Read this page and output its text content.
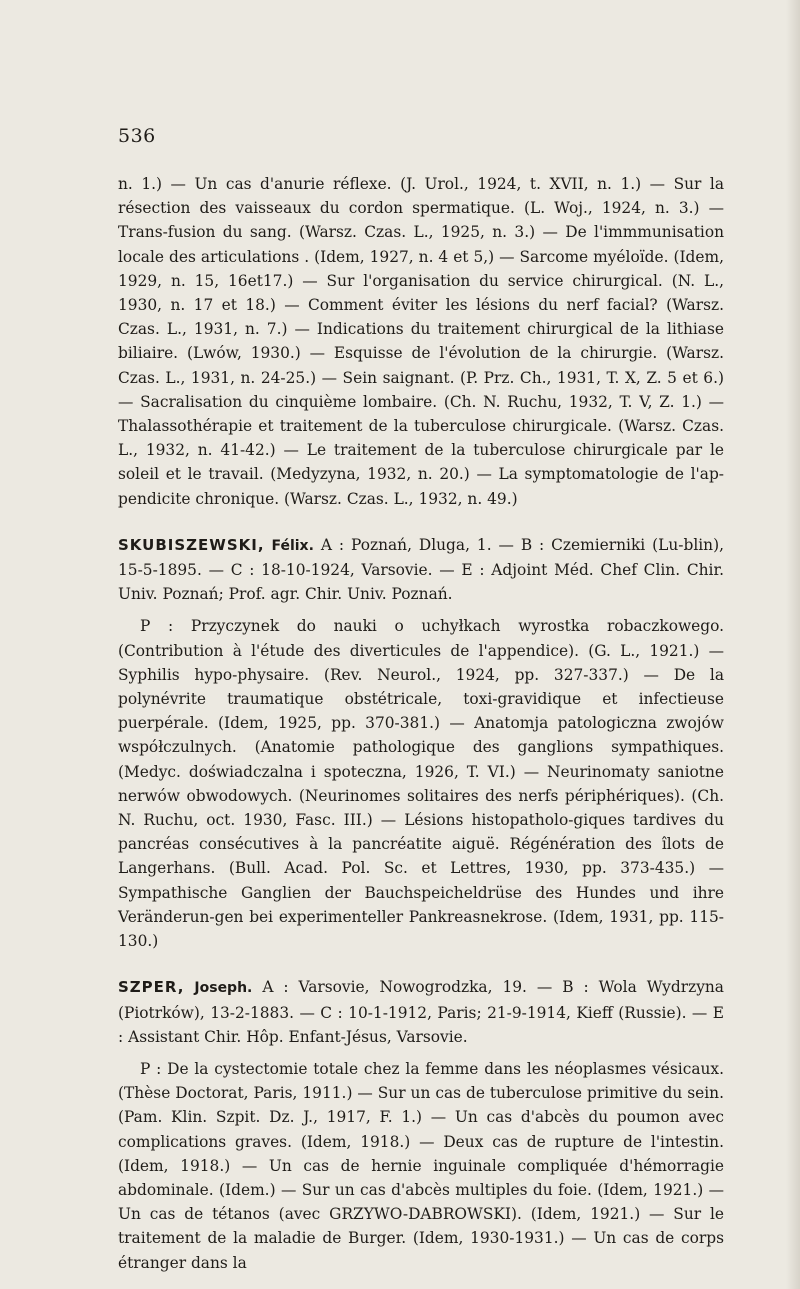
536

n. 1.) — Un cas d'anurie réflexe. (J. Urol., 1924, t. XVII, n. 1.) — Sur la résection des vaisseaux du cordon spermatique. (L. Woj., 1924, n. 3.) — Trans-fusion du sang. (Warsz. Czas. L., 1925, n. 3.) — De l'immmunisation locale des articulations . (Idem, 1927, n. 4 et 5,) — Sarcome myéloïde. (Idem, 1929, n. 15, 16et17.) — Sur l'organisation du service chirurgical. (N. L., 1930, n. 17 et 18.) — Comment éviter les lésions du nerf facial? (Warsz. Czas. L., 1931, n. 7.) — Indications du traitement chirurgical de la lithiase biliaire. (Lwów, 1930.) — Esquisse de l'évolution de la chirurgie. (Warsz. Czas. L., 1931, n. 24-25.) — Sein saignant. (P. Prz. Ch., 1931, T. X, Z. 5 et 6.) — Sacralisation du cinquième lombaire. (Ch. N. Ruchu, 1932, T. V, Z. 1.) — Thalassothérapie et traitement de la tuberculose chirurgicale. (Warsz. Czas. L., 1932, n. 41-42.) — Le traitement de la tuberculose chirurgicale par le soleil et le travail. (Medyzyna, 1932, n. 20.) — La symptomatologie de l'ap-pendicite chronique. (Warsz. Czas. L., 1932, n. 49.)

SKUBISZEWSKI, Félix. A : Poznań, Dluga, 1. — B : Czemierniki (Lu-blin), 15-5-1895. — C : 18-10-1924, Varsovie. — E : Adjoint Méd. Chef Clin. Chir. Univ. Poznań; Prof. agr. Chir. Univ. Poznań.

P : Przyczynek do nauki o uchyłkach wyrostka robaczkowego. (Contribution à l'étude des diverticules de l'appendice). (G. L., 1921.) — Syphilis hypo-physaire. (Rev. Neurol., 1924, pp. 327-337.) — De la polynévrite traumatique obstétricale, toxi-gravidique et infectieuse puerpérale. (Idem, 1925, pp. 370-381.) — Anatomja patologiczna zwojów współczulnych. (Anatomie pathologique des ganglions sympathiques. (Medyc. doświadczalna i spoteczna, 1926, T. VI.) — Neurinomaty saniotne nerwów obwodowych. (Neurinomes solitaires des nerfs périphériques). (Ch. N. Ruchu, oct. 1930, Fasc. III.) — Lésions histopatholo-giques tardives du pancréas consécutives à la pancréatite aiguë. Régénération des îlots de Langerhans. (Bull. Acad. Pol. Sc. et Lettres, 1930, pp. 373-435.) — Sympathische Ganglien der Bauchspeicheldrüse des Hundes und ihre Veränderun-gen bei experimenteller Pankreasnekrose. (Idem, 1931, pp. 115-130.)

SZPER, Joseph. A : Varsovie, Nowogrodzka, 19. — B : Wola Wydrzyna (Piotrków), 13-2-1883. — C : 10-1-1912, Paris; 21-9-1914, Kieff (Russie). — E : Assistant Chir. Hôp. Enfant-Jésus, Varsovie.

P : De la cystectomie totale chez la femme dans les néoplasmes vésicaux. (Thèse Doctorat, Paris, 1911.) — Sur un cas de tuberculose primitive du sein. (Pam. Klin. Szpit. Dz. J., 1917, F. 1.) — Un cas d'abcès du poumon avec complications graves. (Idem, 1918.) — Deux cas de rupture de l'intestin. (Idem, 1918.) — Un cas de hernie inguinale compliquée d'hémorragie abdominale. (Idem.) — Sur un cas d'abcès multiples du foie. (Idem, 1921.) — Un cas de tétanos (avec GRZYWO-DABROWSKI). (Idem, 1921.) — Sur le traitement de la maladie de Burger. (Idem, 1930-1931.) — Un cas de corps étranger dans la
